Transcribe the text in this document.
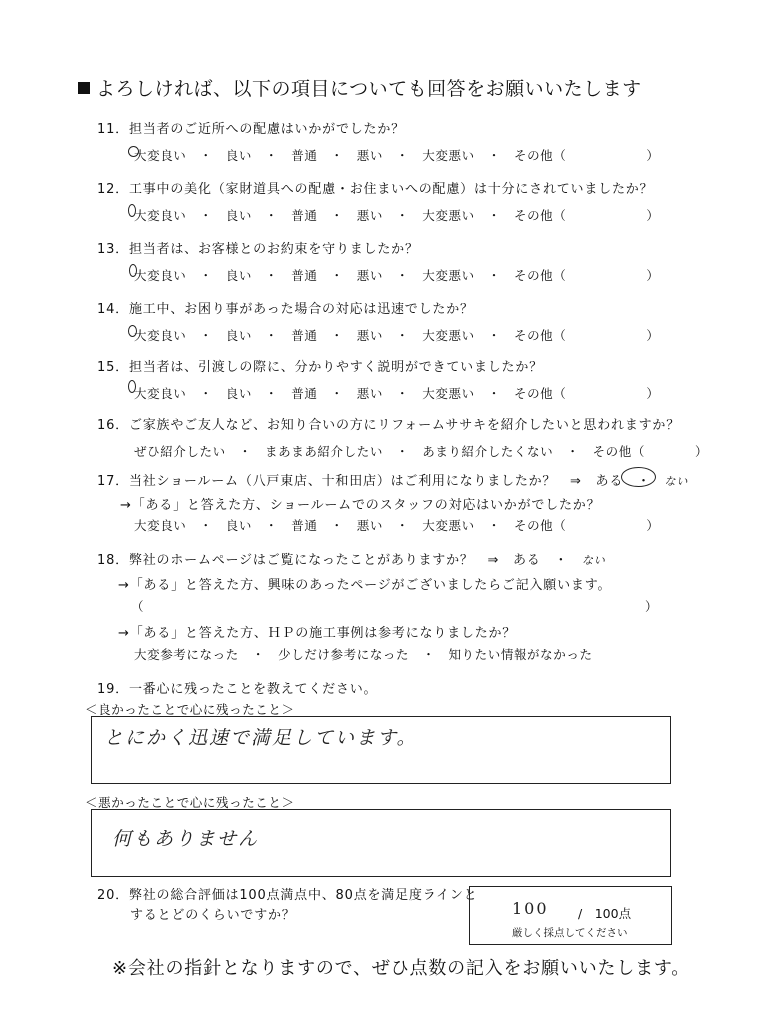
よろしければ、以下の項目についても回答をお願いいたします
11．担当者のご近所への配慮はいかがでしたか？
大変良い　・　良い　・　普通　・　悪い　・　大変悪い　・　その他（	）
12．工事中の美化（家財道具への配慮・お住まいへの配慮）は十分にされていましたか？
大変良い　・　良い　・　普通　・　悪い　・　大変悪い　・　その他（	）
13．担当者は、お客様とのお約束を守りましたか？
大変良い　・　良い　・　普通　・　悪い　・　大変悪い　・　その他（	）
14．施工中、お困り事があった場合の対応は迅速でしたか？
大変良い　・　良い　・　普通　・　悪い　・　大変悪い　・　その他（	）
15．担当者は、引渡しの際に、分かりやすく説明ができていましたか？
大変良い　・　良い　・　普通　・　悪い　・　大変悪い　・　その他（	）
16．ご家族やご友人など、お知り合いの方にリフォームササキを紹介したいと思われますか？
ぜひ紹介したい　・　まあまあ紹介したい　・　あまり紹介したくない　・　その他（	）
17．当社ショールーム（八戸東店、十和田店）はご利用になりましたか？　 ⇒　ある　・　ない
→「ある」と答えた方、ショールームでのスタッフの対応はいかがでしたか？
大変良い　・　良い　・　普通　・　悪い　・　大変悪い　・　その他（	）
18．弊社のホームページはご覧になったことがありますか？　 ⇒　ある　・　ない
→「ある」と答えた方、興味のあったページがございましたらご記入願います。
（	）
→「ある」と答えた方、ＨＰの施工事例は参考になりましたか？
大変参考になった　・　少しだけ参考になった　・　知りたい情報がなかった
19．一番心に残ったことを教えてください。
＜良かったことで心に残ったこと＞
とにかく迅速で満足しています。
＜悪かったことで心に残ったこと＞
何もありません
20．弊社の総合評価は100点満点中、80点を満足度ラインと
するとどのくらいですか？	100 /　100点
厳しく採点してください
※会社の指針となりますので、ぜひ点数の記入をお願いいたします。
